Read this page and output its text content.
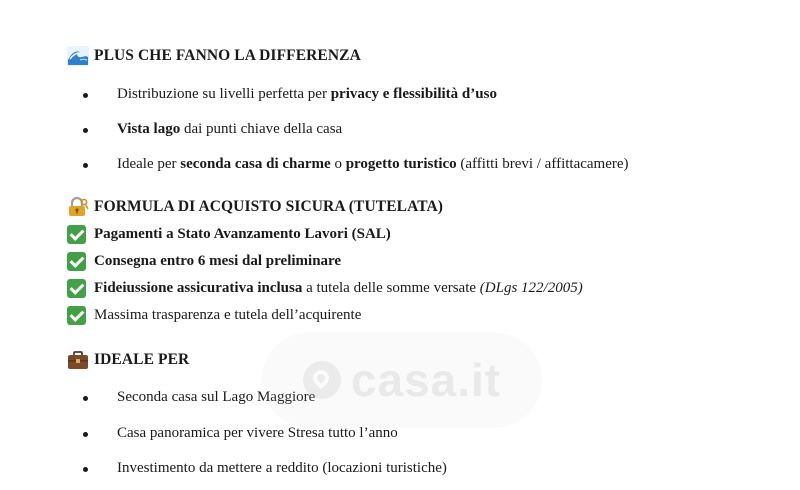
PLUS CHE FANNO LA DIFFERENZA
Distribuzione su livelli perfetta per privacy e flessibilità d’uso
Vista lago dai punti chiave della casa
Ideale per seconda casa di charme o progetto turistico (affitti brevi / affittacamere)
FORMULA DI ACQUISTO SICURA (TUTELATA)
Pagamenti a Stato Avanzamento Lavori (SAL)
Consegna entro 6 mesi dal preliminare
Fideiussione assicurativa inclusa a tutela delle somme versate (DLgs 122/2005)
Massima trasparenza e tutela dell’acquirente
IDEALE PER
Seconda casa sul Lago Maggiore
Casa panoramica per vivere Stresa tutto l’anno
Investimento da mettere a reddito (locazioni turistiche)
casa.it
